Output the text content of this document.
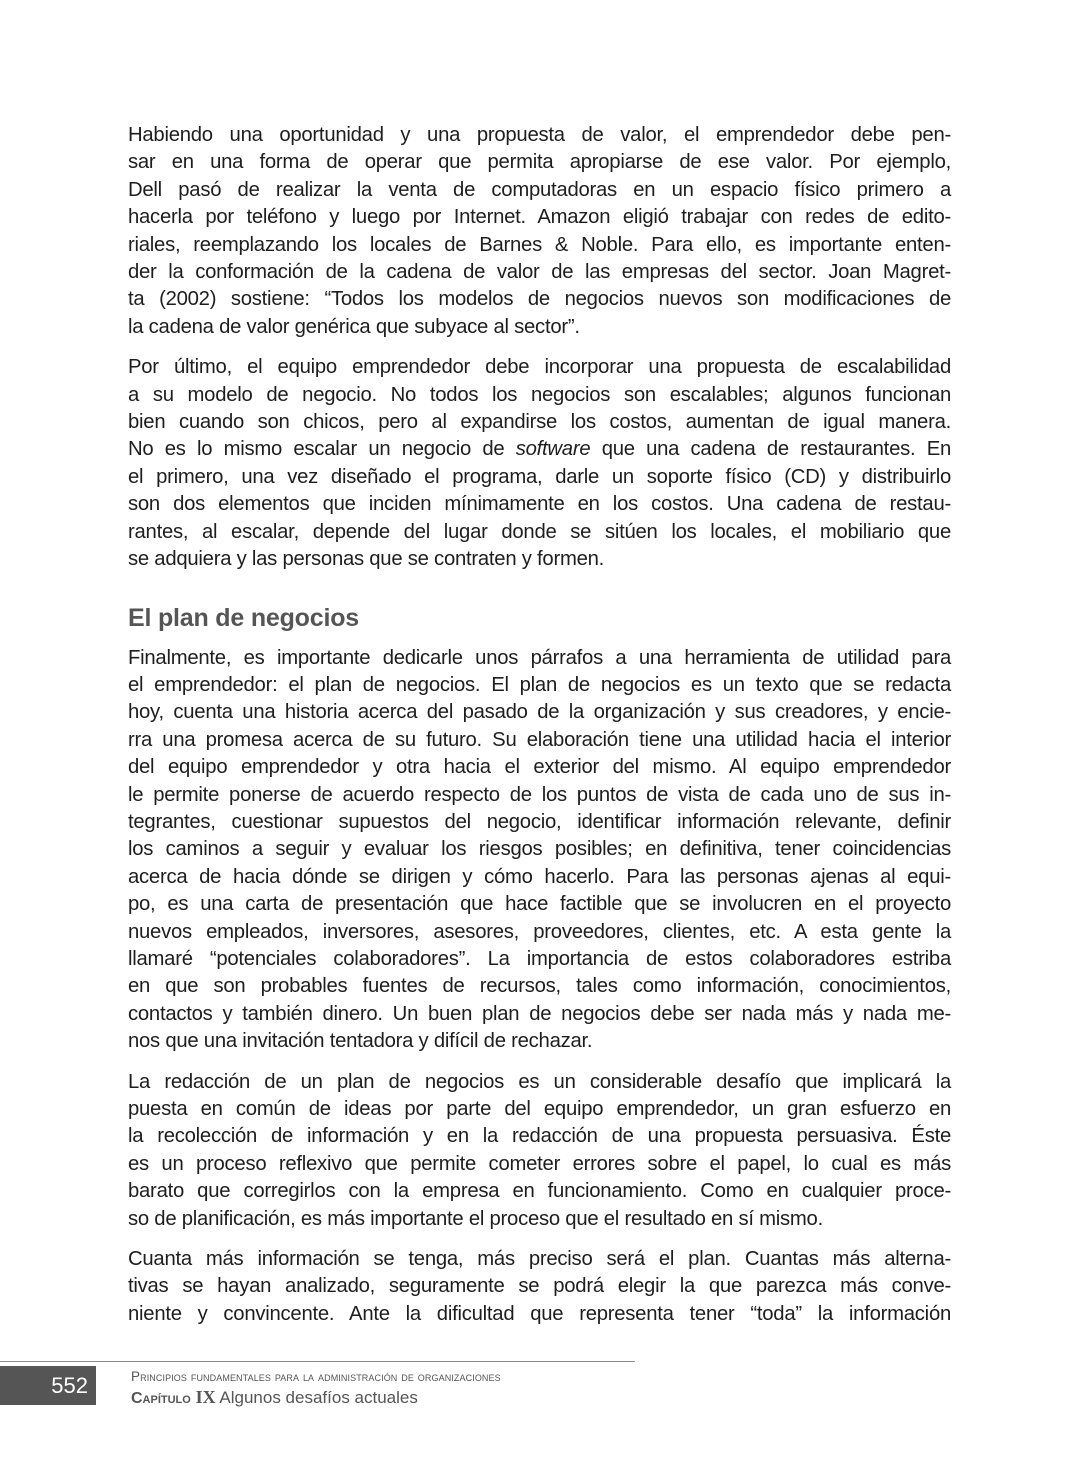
Habiendo una oportunidad y una propuesta de valor, el emprendedor debe pen-
sar en una forma de operar que permita apropiarse de ese valor. Por ejemplo,
Dell pasó de realizar la venta de computadoras en un espacio físico primero a
hacerla por teléfono y luego por Internet. Amazon eligió trabajar con redes de edito-
riales, reemplazando los locales de Barnes & Noble. Para ello, es importante enten-
der la conformación de la cadena de valor de las empresas del sector. Joan Magret-
ta (2002) sostiene: “Todos los modelos de negocios nuevos son modificaciones de
la cadena de valor genérica que subyace al sector”.

Por último, el equipo emprendedor debe incorporar una propuesta de escalabilidad
a su modelo de negocio. No todos los negocios son escalables; algunos funcionan
bien cuando son chicos, pero al expandirse los costos, aumentan de igual manera.
No es lo mismo escalar un negocio de software que una cadena de restaurantes. En
el primero, una vez diseñado el programa, darle un soporte físico (CD) y distribuirlo
son dos elementos que inciden mínimamente en los costos. Una cadena de restau-
rantes, al escalar, depende del lugar donde se sitúen los locales, el mobiliario que
se adquiera y las personas que se contraten y formen.

El plan de negocios

Finalmente, es importante dedicarle unos párrafos a una herramienta de utilidad para
el emprendedor: el plan de negocios. El plan de negocios es un texto que se redacta
hoy, cuenta una historia acerca del pasado de la organización y sus creadores, y encie-
rra una promesa acerca de su futuro. Su elaboración tiene una utilidad hacia el interior
del equipo emprendedor y otra hacia el exterior del mismo. Al equipo emprendedor
le permite ponerse de acuerdo respecto de los puntos de vista de cada uno de sus in-
tegrantes, cuestionar supuestos del negocio, identificar información relevante, definir
los caminos a seguir y evaluar los riesgos posibles; en definitiva, tener coincidencias
acerca de hacia dónde se dirigen y cómo hacerlo. Para las personas ajenas al equi-
po, es una carta de presentación que hace factible que se involucren en el proyecto
nuevos empleados, inversores, asesores, proveedores, clientes, etc. A esta gente la
llamaré “potenciales colaboradores”. La importancia de estos colaboradores estriba
en que son probables fuentes de recursos, tales como información, conocimientos,
contactos y también dinero. Un buen plan de negocios debe ser nada más y nada me-
nos que una invitación tentadora y difícil de rechazar.

La redacción de un plan de negocios es un considerable desafío que implicará la
puesta en común de ideas por parte del equipo emprendedor, un gran esfuerzo en
la recolección de información y en la redacción de una propuesta persuasiva. Éste
es un proceso reflexivo que permite cometer errores sobre el papel, lo cual es más
barato que corregirlos con la empresa en funcionamiento. Como en cualquier proce-
so de planificación, es más importante el proceso que el resultado en sí mismo.

Cuanta más información se tenga, más preciso será el plan. Cuantas más alterna-
tivas se hayan analizado, seguramente se podrá elegir la que parezca más conve-
niente y convincente. Ante la dificultad que representa tener “toda” la información

552	Principios fundamentales para la administración de organizaciones
Capítulo IX Algunos desafíos actuales
